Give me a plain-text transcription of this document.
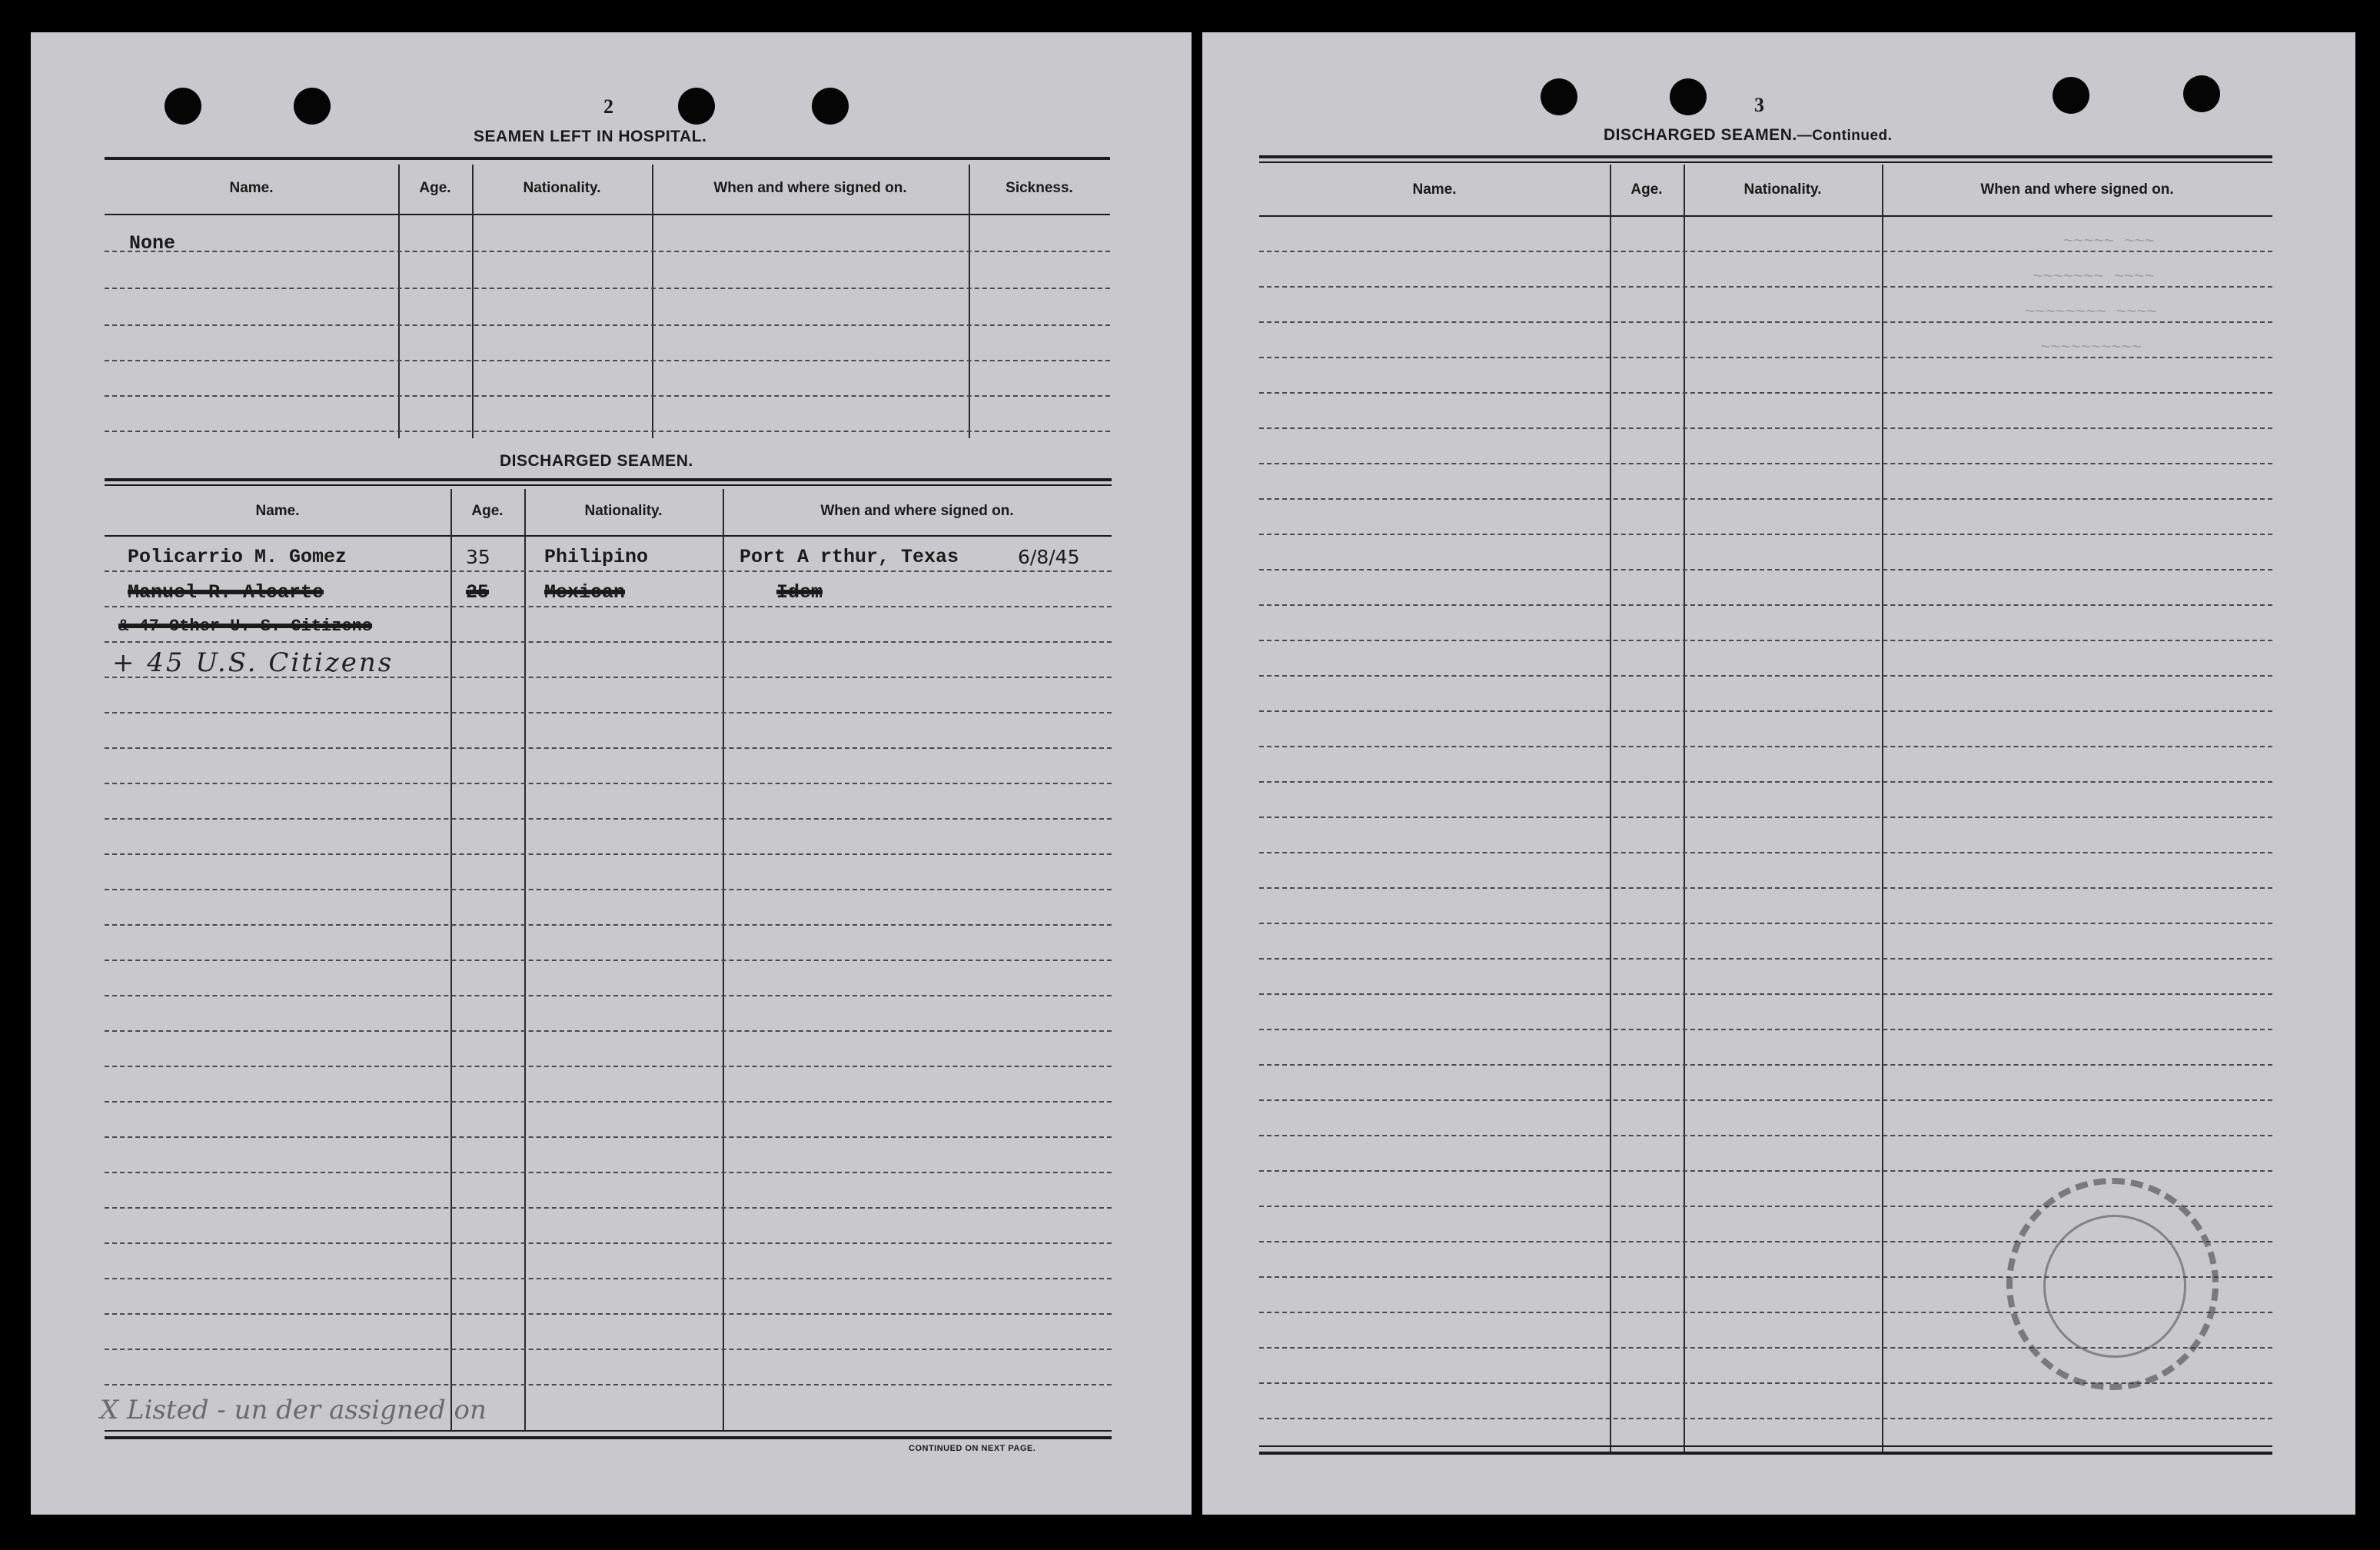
2
SEAMEN LEFT IN HOSPITAL.
Name.	Age.	Nationality.	When and where signed on.	Sickness.
None
DISCHARGED SEAMEN.
Name.	Age.	Nationality.	When and where signed on.
Policarrio M. Gomez	35	Philipino	Port A rthur, Texas	6/8/45
Manuel R. Alcarte	25	Mexican	Idem
& 47 Other U. S. Citizens
+ 45 U.S. Citizens
X Listed - un der assigned on
CONTINUED ON NEXT PAGE.
3
DISCHARGED SEAMEN.—Continued.
Name.	Age.	Nationality.	When and where signed on.
~~~~~ ~~~
~~~~~~~ ~~~~
~~~~~~~~ ~~~~
~~~~~~~~~~
